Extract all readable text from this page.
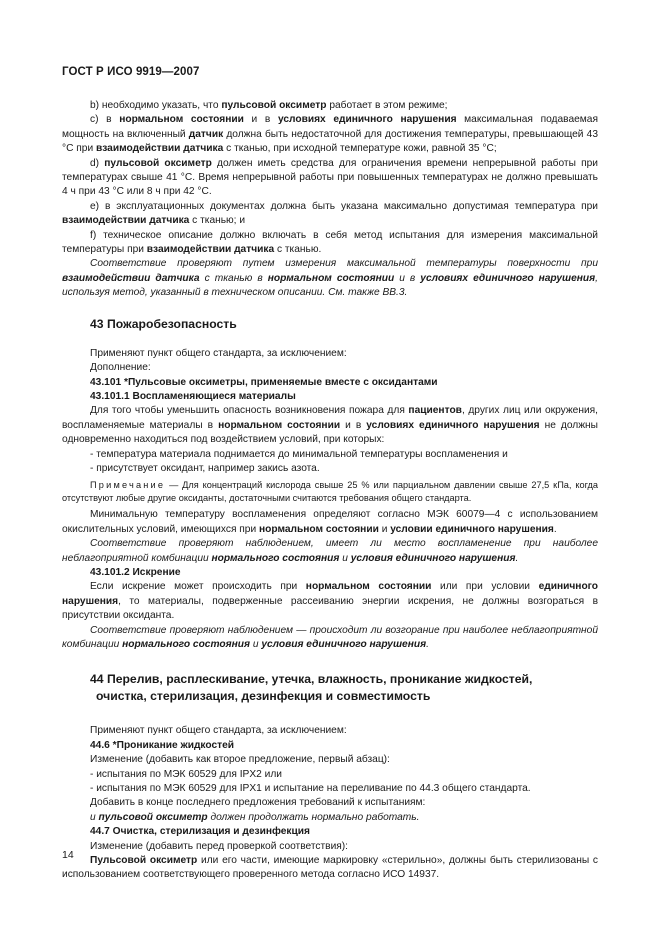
ГОСТ Р ИСО 9919—2007

b) необходимо указать, что пульсовой оксиметр работает в этом режиме;

c) в нормальном состоянии и в условиях единичного нарушения максимальная подаваемая мощность на включенный датчик должна быть недостаточной для достижения температуры, превышающей 43 °С при взаимодействии датчика с тканью, при исходной температуре кожи, равной 35 °С;

d) пульсовой оксиметр должен иметь средства для ограничения времени непрерывной работы при температурах свыше 41 °С. Время непрерывной работы при повышенных температурах не должно превышать 4 ч при 43 °С или 8 ч при 42 °С.

e) в эксплуатационных документах должна быть указана максимально допустимая температура при взаимодействии датчика с тканью; и

f) техническое описание должно включать в себя метод испытания для измерения максимальной температуры при взаимодействии датчика с тканью.

Соответствие проверяют путем измерения максимальной температуры поверхности при взаимодействии датчика с тканью в нормальном состоянии и в условиях единичного нарушения, используя метод, указанный в техническом описании. См. также ВВ.3.

43 Пожаробезопасность

Применяют пункт общего стандарта, за исключением:

Дополнение:

43.101 *Пульсовые оксиметры, применяемые вместе с оксидантами

43.101.1 Воспламеняющиеся материалы

Для того чтобы уменьшить опасность возникновения пожара для пациентов, других лиц или окружения, воспламеняемые материалы в нормальном состоянии и в условиях единичного нарушения не должны одновременно находиться под воздействием условий, при которых:

- температура материала поднимается до минимальной температуры воспламенения и

- присутствует оксидант, например закись азота.

Примечание — Для концентраций кислорода свыше 25 % или парциальном давлении свыше 27,5 кПа, когда отсутствуют любые другие оксиданты, достаточными считаются требования общего стандарта.

Минимальную температуру воспламенения определяют согласно МЭК 60079—4 с использованием окислительных условий, имеющихся при нормальном состоянии и условии единичного нарушения.

Соответствие проверяют наблюдением, имеет ли место воспламенение при наиболее неблагоприятной комбинации нормального состояния и условия единичного нарушения.

43.101.2 Искрение

Если искрение может происходить при нормальном состоянии или при условии единичного нарушения, то материалы, подверженные рассеиванию энергии искрения, не должны возгораться в присутствии оксиданта.

Соответствие проверяют наблюдением — происходит ли возгорание при наиболее неблагоприятной комбинации нормального состояния и условия единичного нарушения.

44 Перелив, расплескивание, утечка, влажность, проникание жидкостей,
очистка, стерилизация, дезинфекция и совместимость

Применяют пункт общего стандарта, за исключением:

44.6 *Проникание жидкостей

Изменение (добавить как второе предложение, первый абзац):

- испытания по МЭК 60529 для IPX2 или

- испытания по МЭК 60529 для IPX1 и испытание на переливание по 44.3 общего стандарта.

Добавить в конце последнего предложения требований к испытаниям:

и пульсовой оксиметр должен продолжать нормально работать.

44.7 Очистка, стерилизация и дезинфекция

Изменение (добавить перед проверкой соответствия):

Пульсовой оксиметр или его части, имеющие маркировку «стерильно», должны быть стерилизованы с использованием соответствующего проверенного метода согласно ИСО 14937.

14
